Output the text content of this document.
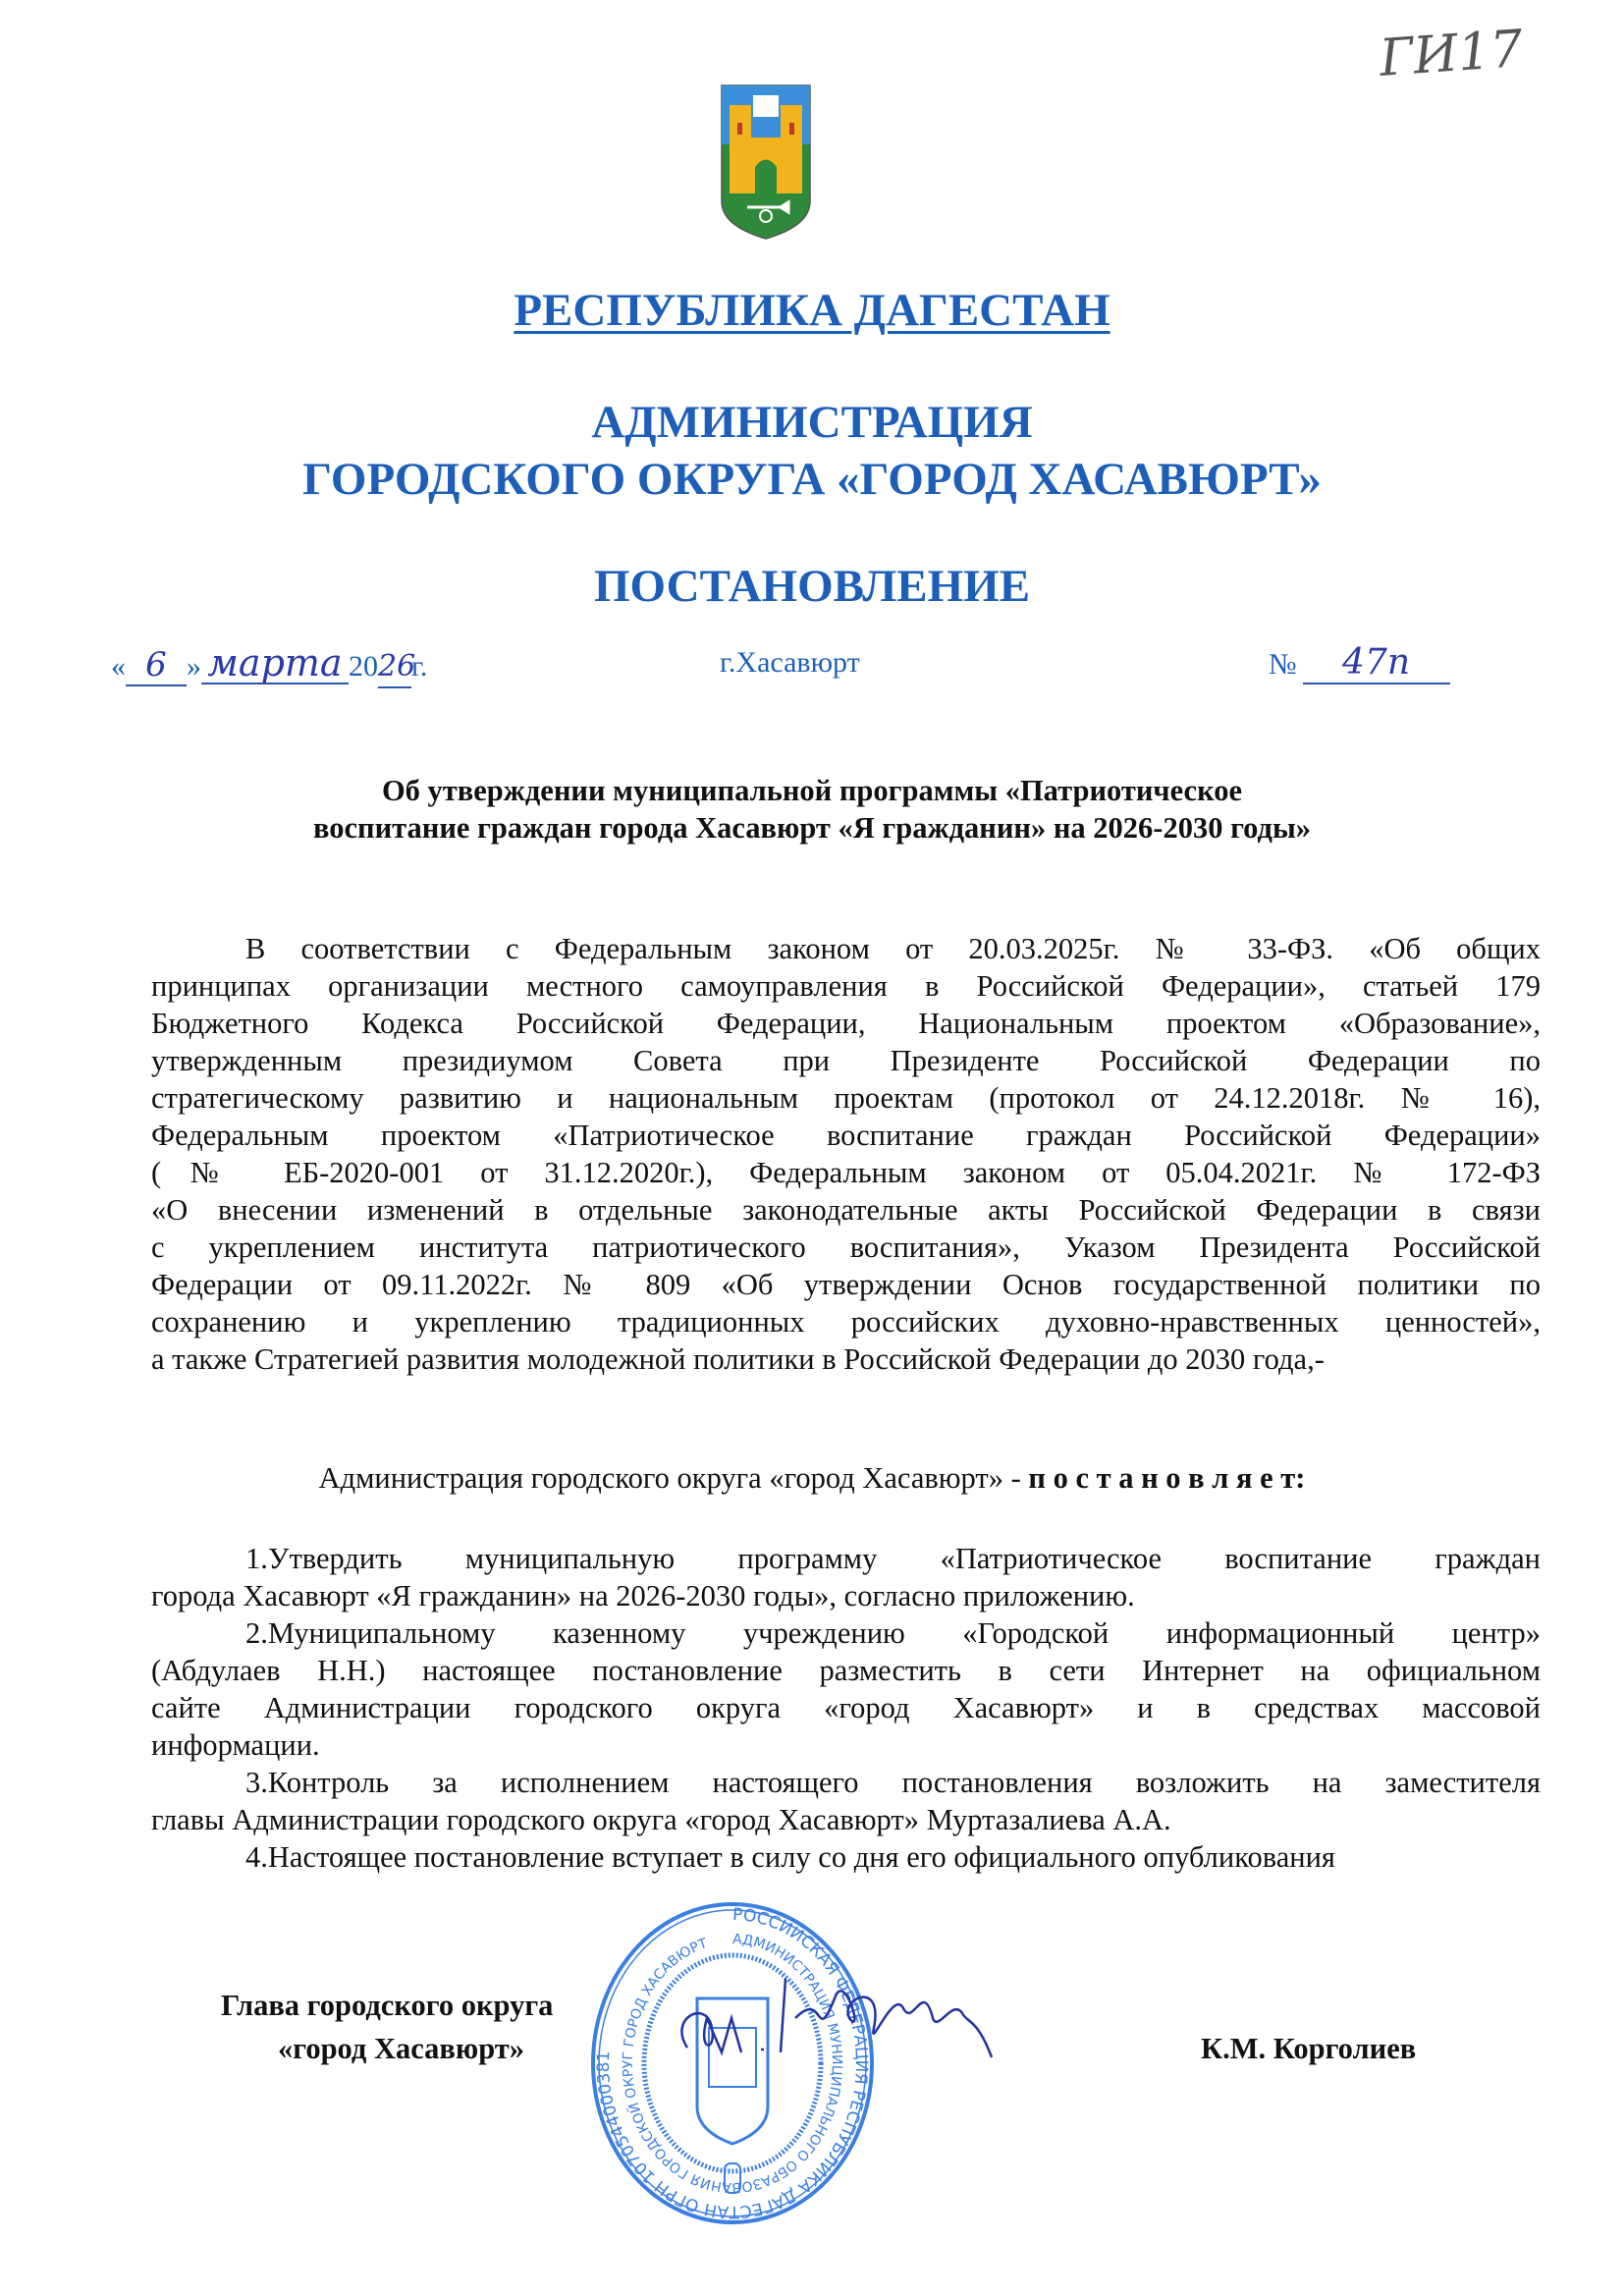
ГИ17
РЕСПУБЛИКА ДАГЕСТАН
АДМИНИСТРАЦИЯ
ГОРОДСКОГО ОКРУГА «ГОРОД ХАСАВЮРТ»
ПОСТАНОВЛЕНИЕ
« 6 » марта 2026г.	г.Хасавюрт	№ 47п
Об утверждении муниципальной программы «Патриотическое
воспитание граждан города Хасавюрт «Я гражданин» на 2026-2030 годы»
В соответствии с Федеральным законом от 20.03.2025г. № 33-ФЗ. «Об общих
принципах организации местного самоуправления в Российской Федерации», статьей 179
Бюджетного Кодекса Российской Федерации, Национальным проектом «Образование»,
утвержденным президиумом Совета при Президенте Российской Федерации по
стратегическому развитию и национальным проектам (протокол от 24.12.2018г. № 16),
Федеральным проектом «Патриотическое воспитание граждан Российской Федерации»
(№ ЕБ-2020-001 от 31.12.2020г.), Федеральным законом от 05.04.2021г. № 172-ФЗ
«О внесении изменений в отдельные законодательные акты Российской Федерации в связи
с укреплением института патриотического воспитания», Указом Президента Российской
Федерации от 09.11.2022г. № 809 «Об утверждении Основ государственной политики по
сохранению и укреплению традиционных российских духовно-нравственных ценностей»,
а также Стратегией развития молодежной политики в Российской Федерации до 2030 года,-
Администрация городского округа «город Хасавюрт» - п о с т а н о в л я е т:
1.Утвердить муниципальную программу «Патриотическое воспитание граждан
города Хасавюрт «Я гражданин» на 2026-2030 годы», согласно приложению.
2.Муниципальному казенному учреждению «Городской информационный центр»
(Абдулаев Н.Н.) настоящее постановление разместить в сети Интернет на официальном
сайте Администрации городского округа «город Хасавюрт» и в средствах массовой
информации.
3.Контроль за исполнением настоящего постановления возложить на заместителя
главы Администрации городского округа «город Хасавюрт» Муртазалиева А.А.
4.Настоящее постановление вступает в силу со дня его официального опубликования
РОССИЙСКАЯ ФЕДЕРАЦИЯ РЕСПУБЛИКА ДАГЕСТАН ОГРН 1070544000381
АДМИНИСТРАЦИЯ МУНИЦИПАЛЬНОГО ОБРАЗОВАНИЯ ГОРОДСКОЙ ОКРУГ ГОРОД ХАСАВЮРТ
Глава городского округа
«город Хасавюрт»	К.М. Корголиев
